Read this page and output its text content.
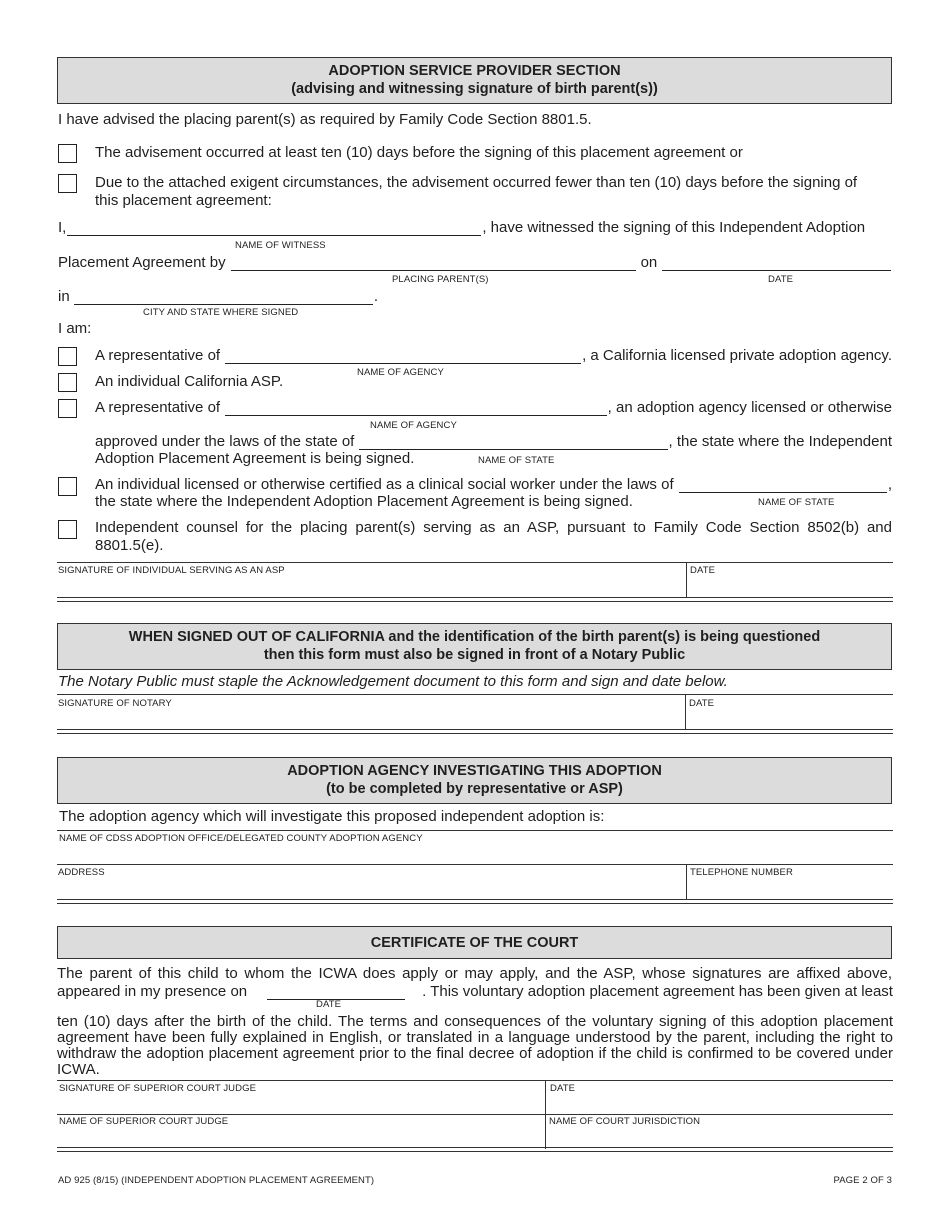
ADOPTION SERVICE PROVIDER SECTION
(advising and witnessing signature of birth parent(s))
I have advised the placing parent(s) as required by Family Code Section 8801.5.
The advisement occurred at least ten (10) days before the signing of this placement agreement or
Due to the attached exigent circumstances, the advisement occurred fewer than ten (10) days before the signing of
this placement agreement:
I,	, have witnessed the signing of this Independent Adoption
NAME OF WITNESS
Placement Agreement by	on
PLACING PARENT(S)	DATE
in	.
CITY AND STATE WHERE SIGNED
I am:
A representative of	, a California licensed private adoption agency.
An individual California ASP.
NAME OF AGENCY
A representative of	, an adoption agency licensed or otherwise
NAME OF AGENCY
approved under the laws of the state of	, the state where the Independent
Adoption Placement Agreement is being signed.	NAME OF STATE
An individual licensed or otherwise certified as a clinical social worker under the laws of	,
the state where the Independent Adoption Placement Agreement is being signed.	NAME OF STATE
Independent counsel for the placing parent(s) serving as an ASP, pursuant to Family Code Section 8502(b) and
8801.5(e).
SIGNATURE OF INDIVIDUAL SERVING AS AN ASP	DATE
WHEN SIGNED OUT OF CALIFORNIA and the identification of the birth parent(s) is being questioned
then this form must also be signed in front of a Notary Public
The Notary Public must staple the Acknowledgement document to this form and sign and date below.
SIGNATURE OF NOTARY	DATE
ADOPTION AGENCY INVESTIGATING THIS ADOPTION
(to be completed by representative or ASP)
The adoption agency which will investigate this proposed independent adoption is:
NAME OF CDSS ADOPTION OFFICE/DELEGATED COUNTY ADOPTION AGENCY
ADDRESS	TELEPHONE NUMBER
CERTIFICATE OF THE COURT
The parent of this child to whom the ICWA does apply or may apply, and the ASP, whose signatures are affixed above,
appeared in my presence on	. This voluntary adoption placement agreement has been given at least
DATE
ten (10) days after the birth of the child. The terms and consequences of the voluntary signing of this adoption placement agreement have been fully explained in English, or translated in a language understood by the parent, including the right to withdraw the adoption placement agreement prior to the final decree of adoption if the child is confirmed to be covered under ICWA.
SIGNATURE OF SUPERIOR COURT JUDGE	DATE
NAME OF SUPERIOR COURT JUDGE	NAME OF COURT JURISDICTION
AD 925 (8/15) (INDEPENDENT ADOPTION PLACEMENT AGREEMENT)	PAGE 2 OF 3
